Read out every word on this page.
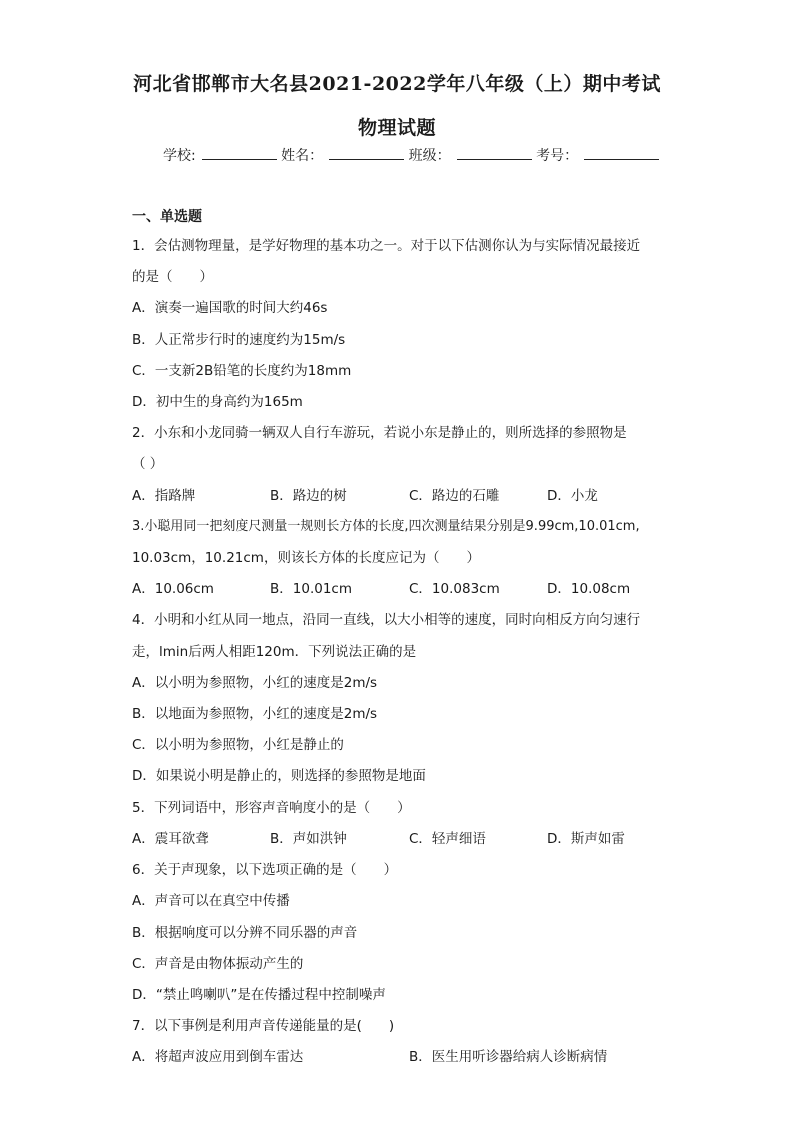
河北省邯郸市大名县2021-2022学年八年级（上）期中考试
物理试题
学校:	姓名：	班级：	考号：
一、单选题
1．会估测物理量，是学好物理的基本功之一。对于以下估测你认为与实际情况最接近
的是（　　）
A．演奏一遍国歌的时间大约46s
B．人正常步行时的速度约为15m/s
C．一支新2B铅笔的长度约为18mm
D．初中生的身高约为165m
2．小东和小龙同骑一辆双人自行车游玩，若说小东是静止的，则所选择的参照物是
（ ）
A．指路牌	B．路边的树	C．路边的石雕	D．小龙
3.小聪用同一把刻度尺测量一规则长方体的长度,四次测量结果分别是9.99cm,10.01cm,
10.03cm，10.21cm，则该长方体的长度应记为（　　）
A．10.06cm	B．10.01cm	C．10.083cm	D．10.08cm
4．小明和小红从同一地点，沿同一直线，以大小相等的速度，同时向相反方向匀速行
走，lmin后两人相距120m．下列说法正确的是
A．以小明为参照物，小红的速度是2m/s
B．以地面为参照物，小红的速度是2m/s
C．以小明为参照物，小红是静止的
D．如果说小明是静止的，则选择的参照物是地面
5．下列词语中，形容声音响度小的是（　　）
A．震耳欲聋	B．声如洪钟	C．轻声细语	D．斯声如雷
6．关于声现象，以下选项正确的是（　　）
A．声音可以在真空中传播
B．根据响度可以分辨不同乐器的声音
C．声音是由物体振动产生的
D．“禁止鸣喇叭”是在传播过程中控制噪声
7．以下事例是利用声音传递能量的是(　　)
A．将超声波应用到倒车雷达	B．医生用听诊器给病人诊断病情
